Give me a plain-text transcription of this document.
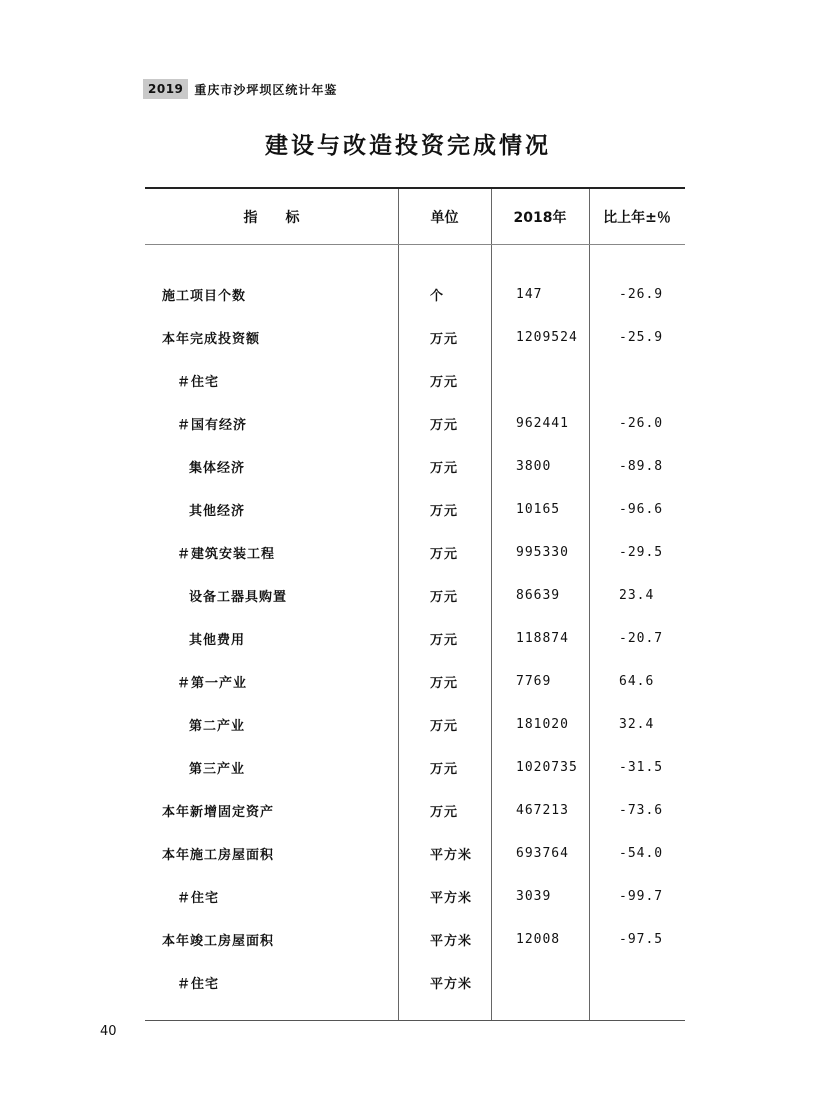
2019 重庆市沙坪坝区统计年鉴
建设与改造投资完成情况
指　　标	单位	2018年	比上年±％
施工项目个数	个	147	-26.9
本年完成投资额	万元	1209524	-25.9
＃住宅	万元
＃国有经济	万元	962441	-26.0
集体经济	万元	3800	-89.8
其他经济	万元	10165	-96.6
＃建筑安装工程	万元	995330	-29.5
设备工器具购置	万元	86639	23.4
其他费用	万元	118874	-20.7
＃第一产业	万元	7769	64.6
第二产业	万元	181020	32.4
第三产业	万元	1020735	-31.5
本年新增固定资产	万元	467213	-73.6
本年施工房屋面积	平方米	693764	-54.0
＃住宅	平方米	3039	-99.7
本年竣工房屋面积	平方米	12008	-97.5
＃住宅	平方米
40
